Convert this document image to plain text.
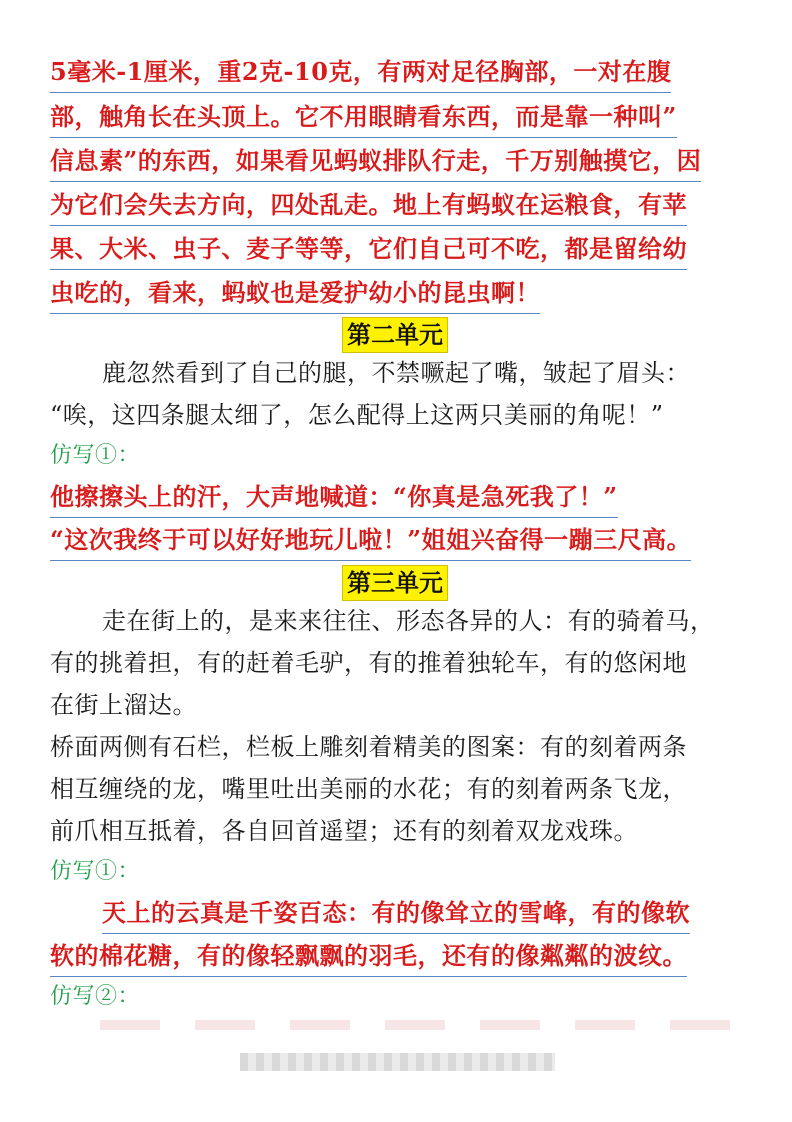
5毫米-1厘米，重2克-10克，有两对足径胸部，一对在腹
部，触角长在头顶上。它不用眼睛看东西，而是靠一种叫”
信息素”的东西，如果看见蚂蚁排队行走，千万别触摸它，因
为它们会失去方向，四处乱走。地上有蚂蚁在运粮食，有苹
果、大米、虫子、麦子等等，它们自己可不吃，都是留给幼
虫吃的，看来，蚂蚁也是爱护幼小的昆虫啊！
第二单元
鹿忽然看到了自己的腿，不禁噘起了嘴，皱起了眉头：
“唉，这四条腿太细了，怎么配得上这两只美丽的角呢！”
仿写①：
他擦擦头上的汗，大声地喊道：“你真是急死我了！”
“这次我终于可以好好地玩儿啦！”姐姐兴奋得一蹦三尺高。
第三单元
走在街上的，是来来往往、形态各异的人：有的骑着马，
有的挑着担，有的赶着毛驴，有的推着独轮车，有的悠闲地
在街上溜达。
桥面两侧有石栏，栏板上雕刻着精美的图案：有的刻着两条
相互缠绕的龙，嘴里吐出美丽的水花；有的刻着两条飞龙，
前爪相互抵着，各自回首遥望；还有的刻着双龙戏珠。
仿写①：
天上的云真是千姿百态：有的像耸立的雪峰，有的像软
软的棉花糖，有的像轻飘飘的羽毛，还有的像粼粼的波纹。
仿写②：
